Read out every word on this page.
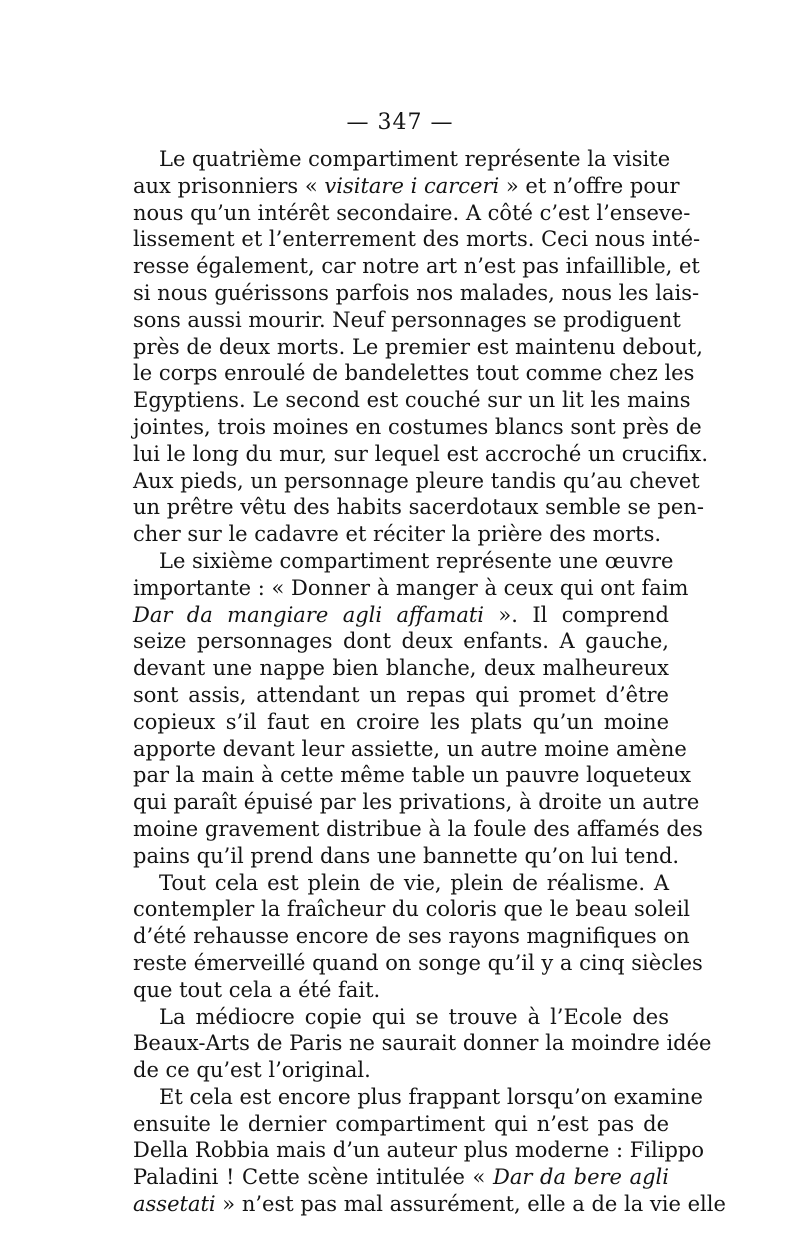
— 347 —
Le quatrième compartiment représente la visite
aux prisonniers « visitare i carceri » et n’offre pour
nous qu’un intérêt secondaire. A côté c’est l’enseve-
lissement et l’enterrement des morts. Ceci nous inté-
resse également, car notre art n’est pas infaillible, et
si nous guérissons parfois nos malades, nous les lais-
sons aussi mourir. Neuf personnages se prodiguent
près de deux morts. Le premier est maintenu debout,
le corps enroulé de bandelettes tout comme chez les
Egyptiens. Le second est couché sur un lit les mains
jointes, trois moines en costumes blancs sont près de
lui le long du mur, sur lequel est accroché un crucifix.
Aux pieds, un personnage pleure tandis qu’au chevet
un prêtre vêtu des habits sacerdotaux semble se pen-
cher sur le cadavre et réciter la prière des morts.
Le sixième compartiment représente une œuvre
importante : « Donner à manger à ceux qui ont faim
Dar da mangiare agli affamati ». Il comprend
seize personnages dont deux enfants. A gauche,
devant une nappe bien blanche, deux malheureux
sont assis, attendant un repas qui promet d’être
copieux s’il faut en croire les plats qu’un moine
apporte devant leur assiette, un autre moine amène
par la main à cette même table un pauvre loqueteux
qui paraît épuisé par les privations, à droite un autre
moine gravement distribue à la foule des affamés des
pains qu’il prend dans une bannette qu’on lui tend.
Tout cela est plein de vie, plein de réalisme. A
contempler la fraîcheur du coloris que le beau soleil
d’été rehausse encore de ses rayons magnifiques on
reste émerveillé quand on songe qu’il y a cinq siècles
que tout cela a été fait.
La médiocre copie qui se trouve à l’Ecole des
Beaux-Arts de Paris ne saurait donner la moindre idée
de ce qu’est l’original.
Et cela est encore plus frappant lorsqu’on examine
ensuite le dernier compartiment qui n’est pas de
Della Robbia mais d’un auteur plus moderne : Filippo
Paladini ! Cette scène intitulée « Dar da bere agli
assetati » n’est pas mal assurément, elle a de la vie elle
